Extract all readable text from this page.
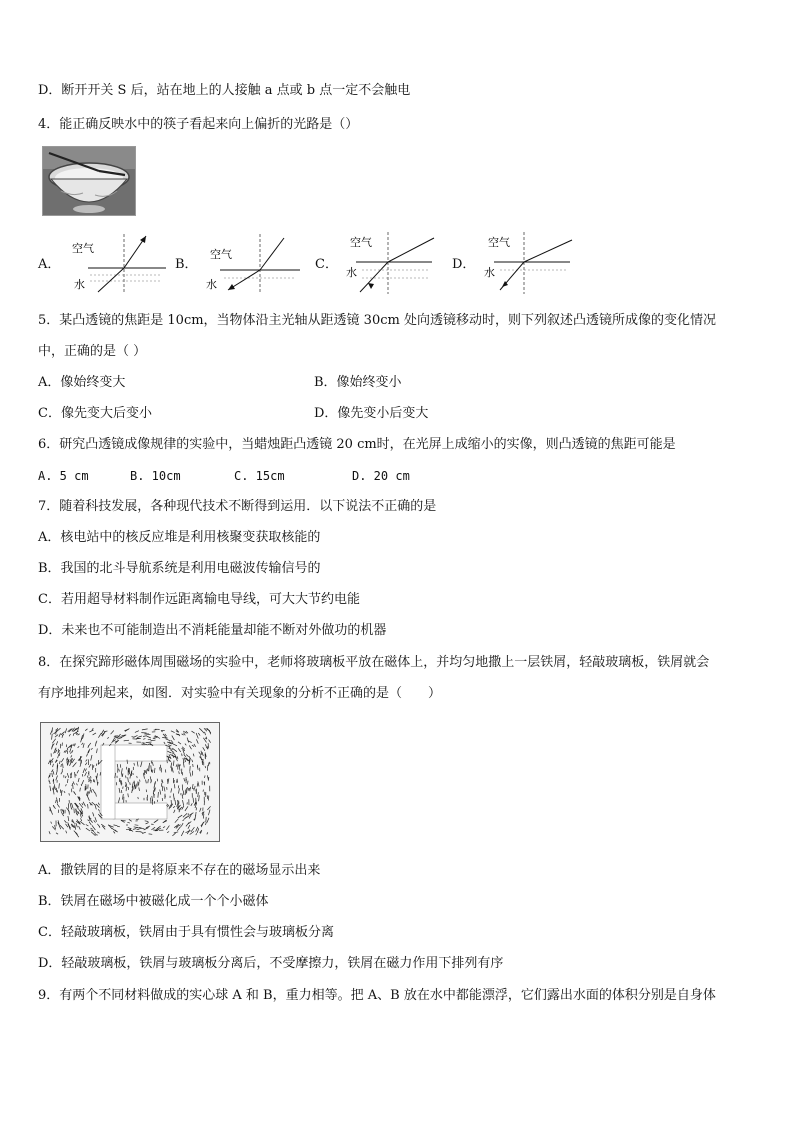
D．断开开关 S 后，站在地上的人接触 a 点或 b 点一定不会触电
4．能正确反映水中的筷子看起来向上偏折的光路是（）
A．
空气
水
B．
空气
水
C．
空气
水
D．
空气
水
5．某凸透镜的焦距是 10cm，当物体沿主光轴从距透镜 30cm 处向透镜移动时，则下列叙述凸透镜所成像的变化情况
中，正确的是（ ）
A．像始终变大	B．像始终变小
C．像先变大后变小	D．像先变小后变大
6．研究凸透镜成像规律的实验中，当蜡烛距凸透镜 20 cm时，在光屏上成缩小的实像，则凸透镜的焦距可能是
A. 5 cm	B. 10cm	C. 15cm	D. 20 cm
7．随着科技发展，各种现代技术不断得到运用．以下说法不正确的是
A．核电站中的核反应堆是利用核聚变获取核能的
B．我国的北斗导航系统是利用电磁波传输信号的
C．若用超导材料制作远距离输电导线，可大大节约电能
D．未来也不可能制造出不消耗能量却能不断对外做功的机器
8．在探究蹄形磁体周围磁场的实验中，老师将玻璃板平放在磁体上，并均匀地撒上一层铁屑，轻敲玻璃板，铁屑就会
有序地排列起来，如图．对实验中有关现象的分析不正确的是（　　）
A．撒铁屑的目的是将原来不存在的磁场显示出来
B．铁屑在磁场中被磁化成一个个小磁体
C．轻敲玻璃板，铁屑由于具有惯性会与玻璃板分离
D．轻敲玻璃板，铁屑与玻璃板分离后，不受摩擦力，铁屑在磁力作用下排列有序
9．有两个不同材料做成的实心球 A 和 B，重力相等。把 A、B 放在水中都能漂浮，它们露出水面的体积分别是自身体
